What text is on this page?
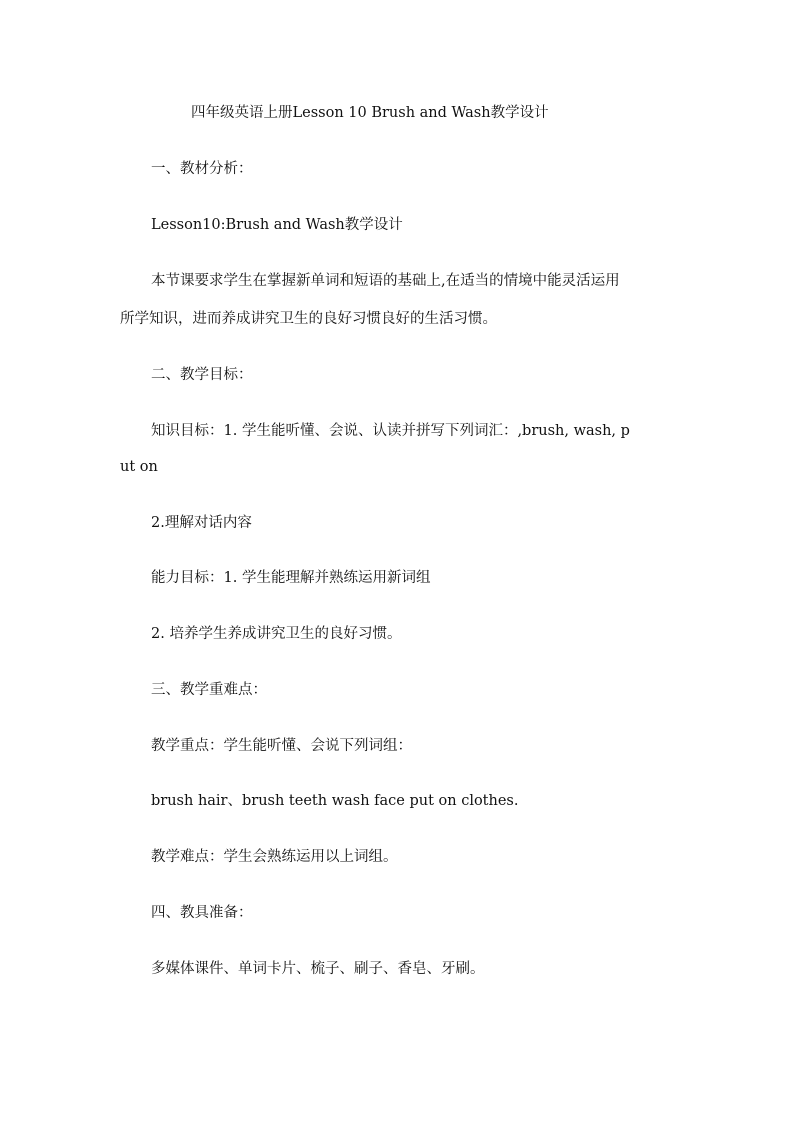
四年级英语上册Lesson 10 Brush and Wash教学设计
一、教材分析：
Lesson10:Brush and Wash教学设计
本节课要求学生在掌握新单词和短语的基础上,在适当的情境中能灵活运用
所学知识，进而养成讲究卫生的良好习惯良好的生活习惯。
二、教学目标：
知识目标：1. 学生能听懂、会说、认读并拼写下列词汇：,brush, wash, p
ut on
2.理解对话内容
能力目标：1. 学生能理解并熟练运用新词组
2. 培养学生养成讲究卫生的良好习惯。
三、教学重难点：
教学重点：学生能听懂、会说下列词组：
brush hair、brush teeth wash face put on clothes.
教学难点：学生会熟练运用以上词组。
四、教具准备：
多媒体课件、单词卡片、梳子、刷子、香皂、牙刷。
